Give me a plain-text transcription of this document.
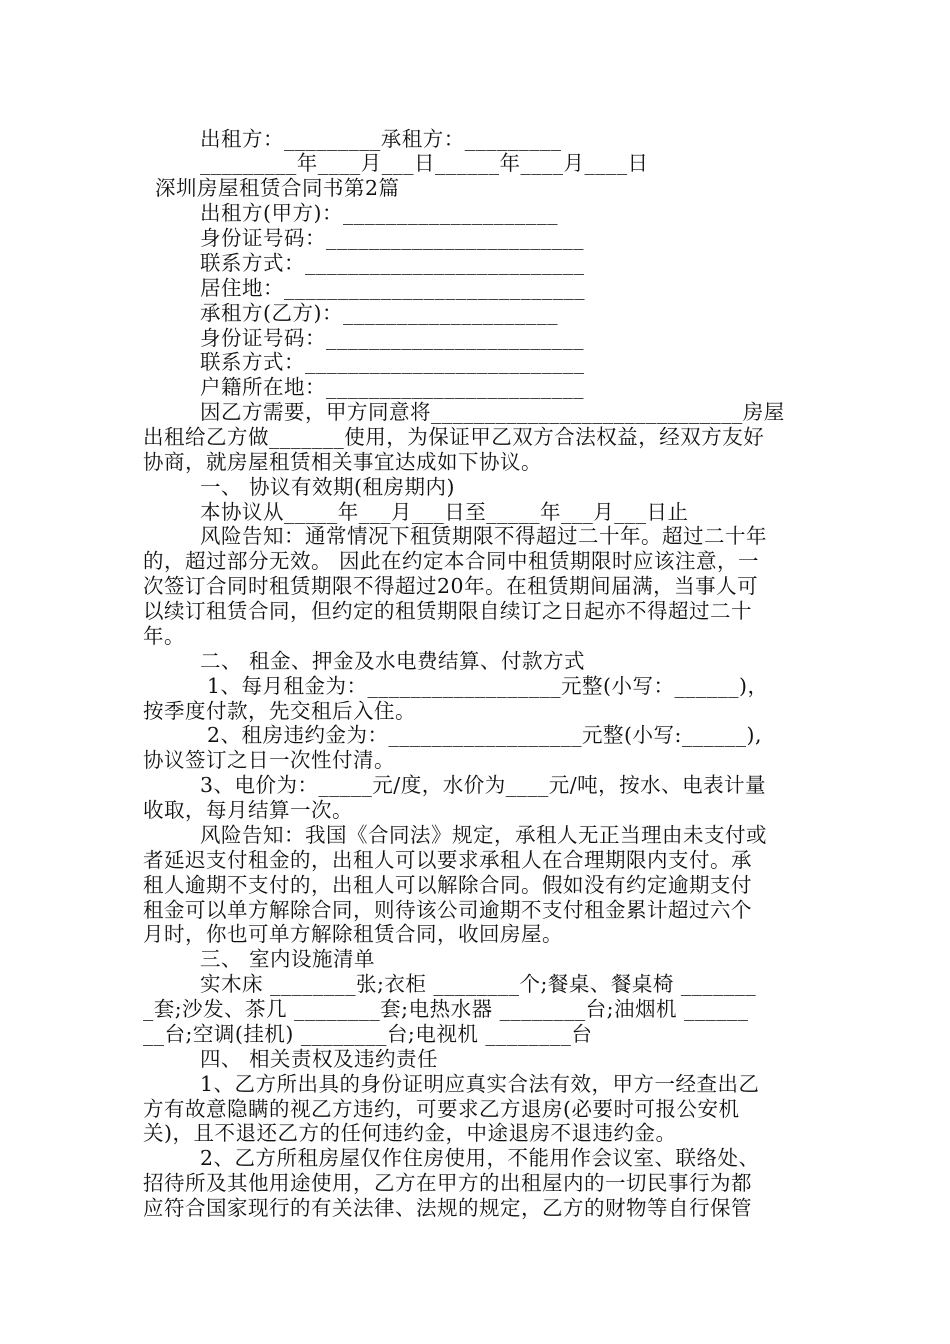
出租方：_________承租方：_________
_________年____月___日______年____月____日
深圳房屋租赁合同书第2篇
出租方(甲方)：____________________
身份证号码：________________________
联系方式：__________________________
居住地：____________________________
承租方(乙方)：____________________
身份证号码：________________________
联系方式：__________________________
户籍所在地：________________________
因乙方需要，甲方同意将_____________________________房屋
出租给乙方做_______使用，为保证甲乙双方合法权益，经双方友好
协商，就房屋租赁相关事宜达成如下协议。
一、 协议有效期(租房期内)
本协议从_____年___月___日至_____年___月___日止
风险告知：通常情况下租赁期限不得超过二十年。超过二十年
的，超过部分无效。 因此在约定本合同中租赁期限时应该注意，一
次签订合同时租赁期限不得超过20年。在租赁期间届满，当事人可
以续订租赁合同，但约定的租赁期限自续订之日起亦不得超过二十
年。
二、 租金、押金及水电费结算、付款方式
1、每月租金为：__________________元整(小写：______)，
按季度付款，先交租后入住。
2、租房违约金为：__________________元整(小写:______),
协议签订之日一次性付清。
3、电价为：_____元/度，水价为____元/吨，按水、电表计量
收取，每月结算一次。
风险告知：我国《合同法》规定，承租人无正当理由未支付或
者延迟支付租金的，出租人可以要求承租人在合理期限内支付。承
租人逾期不支付的，出租人可以解除合同。假如没有约定逾期支付
租金可以单方解除合同，则待该公司逾期不支付租金累计超过六个
月时，你也可单方解除租赁合同，收回房屋。
三、 室内设施清单
实木床 ________张;衣柜 ________个;餐桌、餐桌椅 _______
_套;沙发、茶几 ________套;电热水器 ________台;油烟机 ______
__台;空调(挂机) ________台;电视机 ________台
四、 相关责权及违约责任
1、乙方所出具的身份证明应真实合法有效，甲方一经查出乙
方有故意隐瞒的视乙方违约，可要求乙方退房(必要时可报公安机
关)，且不退还乙方的任何违约金，中途退房不退违约金。
2、乙方所租房屋仅作住房使用，不能用作会议室、联络处、
招待所及其他用途使用，乙方在甲方的出租屋内的一切民事行为都
应符合国家现行的有关法律、法规的规定，乙方的财物等自行保管
